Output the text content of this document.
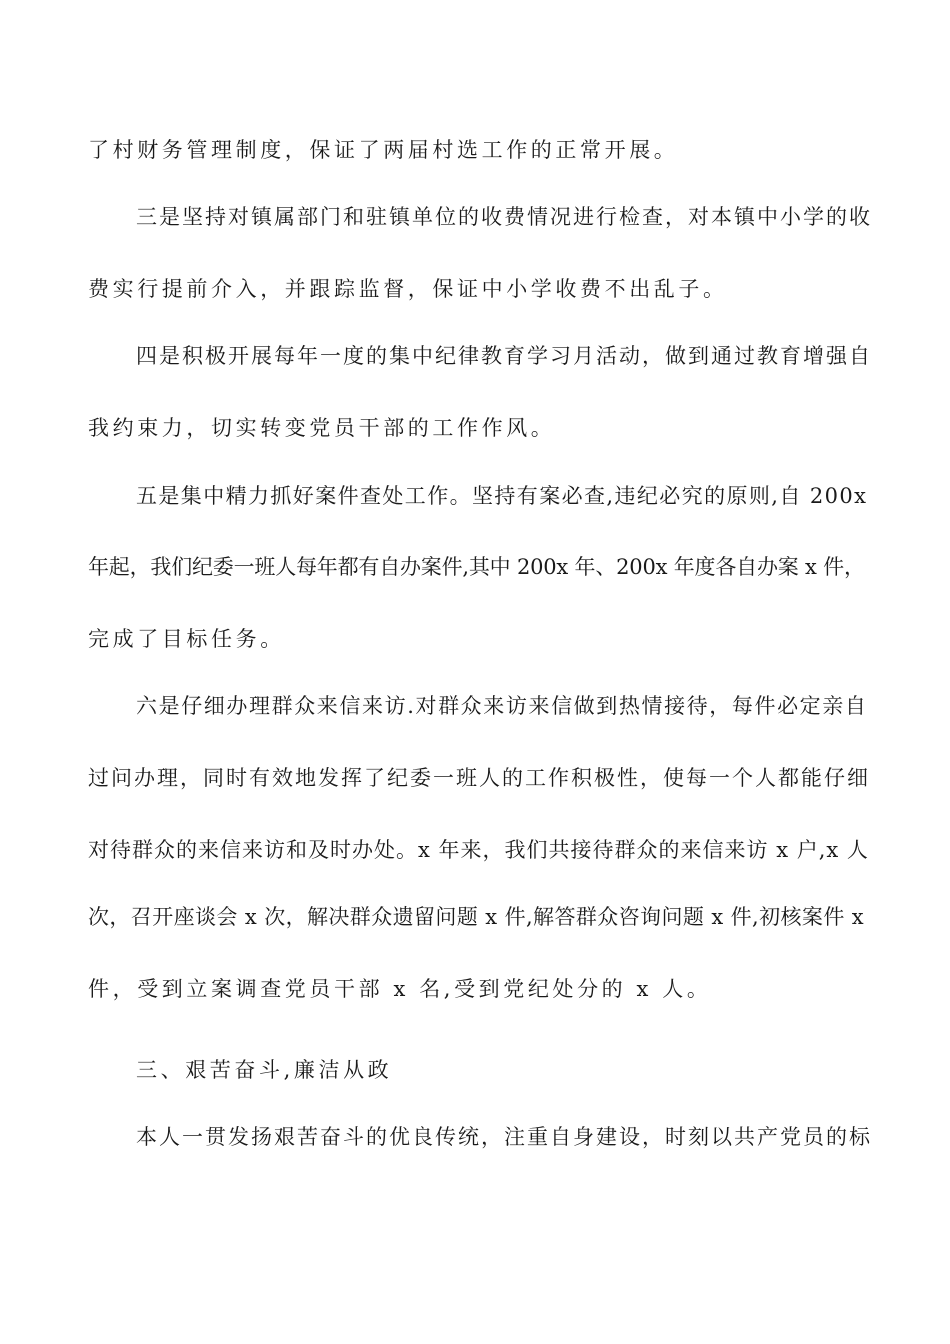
了村财务管理制度，保证了两届村选工作的正常开展。
三是坚持对镇属部门和驻镇单位的收费情况进行检查，对本镇中小学的收
费实行提前介入，并跟踪监督，保证中小学收费不出乱子。
四是积极开展每年一度的集中纪律教育学习月活动，做到通过教育增强自
我约束力，切实转变党员干部的工作作风。
五是集中精力抓好案件查处工作。坚持有案必查,违纪必究的原则,自 200x
年起，我们纪委一班人每年都有自办案件,其中 200x 年、200x 年度各自办案 x 件，
完成了目标任务。
六是仔细办理群众来信来访.对群众来访来信做到热情接待，每件必定亲自
过问办理，同时有效地发挥了纪委一班人的工作积极性，使每一个人都能仔细
对待群众的来信来访和及时办处。x 年来，我们共接待群众的来信来访 x 户,x 人
次，召开座谈会 x 次，解决群众遗留问题 x 件,解答群众咨询问题 x 件,初核案件 x
件，受到立案调查党员干部 x 名,受到党纪处分的 x 人。
三、艰苦奋斗,廉洁从政
本人一贯发扬艰苦奋斗的优良传统，注重自身建设，时刻以共产党员的标
